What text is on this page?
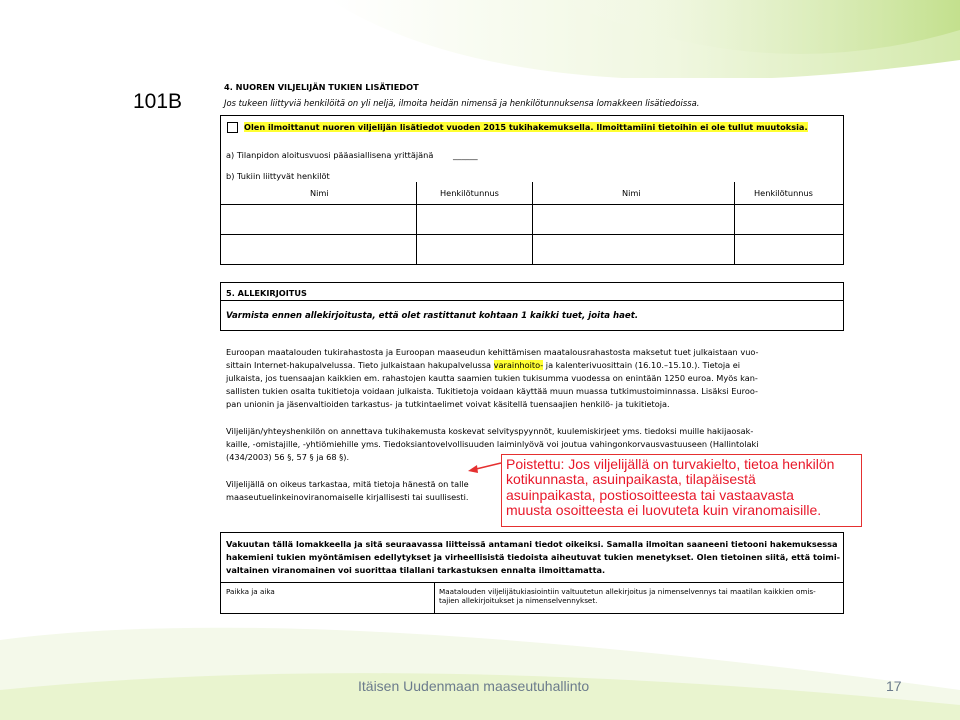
101B
4. NUOREN VILJELIJÄN TUKIEN LISÄTIEDOT
Jos tukeen liittyviä henkilöitä on yli neljä, ilmoita heidän nimensä ja henkilötunnuksensa lomakkeen lisätiedoissa.
Olen ilmoittanut nuoren viljelijän lisätiedot vuoden 2015 tukihakemuksella. Ilmoittamiini tietoihin ei ole tullut muutoksia.
a) Tilanpidon aloitusvuosi pääasiallisena yrittäjänä ______
b) Tukiin liittyvät henkilöt
Nimi	Henkilötunnus	Nimi	Henkilötunnus
5. ALLEKIRJOITUS
Varmista ennen allekirjoitusta, että olet rastittanut kohtaan 1 kaikki tuet, joita haet.
Euroopan maatalouden tukirahastosta ja Euroopan maaseudun kehittämisen maatalousrahastosta maksetut tuet julkaistaan vuo-
sittain Internet-hakupalvelussa. Tieto julkaistaan hakupalvelussa varainhoito- ja kalenterivuosittain (16.10.–15.10.). Tietoja ei
julkaista, jos tuensaajan kaikkien em. rahastojen kautta saamien tukien tukisumma vuodessa on enintään 1250 euroa. Myös kan-
sallisten tukien osalta tukitietoja voidaan julkaista. Tukitietoja voidaan käyttää muun muassa tutkimustoiminnassa. Lisäksi Euroo-
pan unionin ja jäsenvaltioiden tarkastus- ja tutkintaelimet voivat käsitellä tuensaajien henkilö- ja tukitietoja.
Viljelijän/yhteyshenkilön on annettava tukihakemusta koskevat selvityspyynnöt, kuulemiskirjeet yms. tiedoksi muille hakijaosak-
kaille, -omistajille, -yhtiömiehille yms. Tiedoksiantovelvollisuuden laiminlyövä voi joutua vahingonkorvausvastuuseen (Hallintolaki
(434/2003) 56 §, 57 § ja 68 §).
Viljelijällä on oikeus tarkastaa, mitä tietoja hänestä on talle
maaseutuelinkeinoviranomaiselle kirjallisesti tai suullisesti.
Vakuutan tällä lomakkeella ja sitä seuraavassa liitteissä antamani tiedot oikeiksi. Samalla ilmoitan saaneeni tietooni hakemuksessa
hakemieni tukien myöntämisen edellytykset ja virheellisistä tiedoista aiheutuvat tukien menetykset. Olen tietoinen siitä, että toimi-
valtainen viranomainen voi suorittaa tilallani tarkastuksen ennalta ilmoittamatta.
Paikka ja aika	Maatalouden viljelijätukiasiointiin valtuutetun allekirjoitus ja nimenselvennys tai maatilan kaikkien omis-
tajien allekirjoitukset ja nimenselvennykset.
Poistettu: Jos viljelijällä on turvakielto, tietoa henkilön
kotikunnasta, asuinpaikasta, tilapäisestä
asuinpaikasta, postiosoitteesta tai vastaavasta
muusta osoitteesta ei luovuteta kuin viranomaisille.
Itäisen Uudenmaan maaseutuhallinto	17
